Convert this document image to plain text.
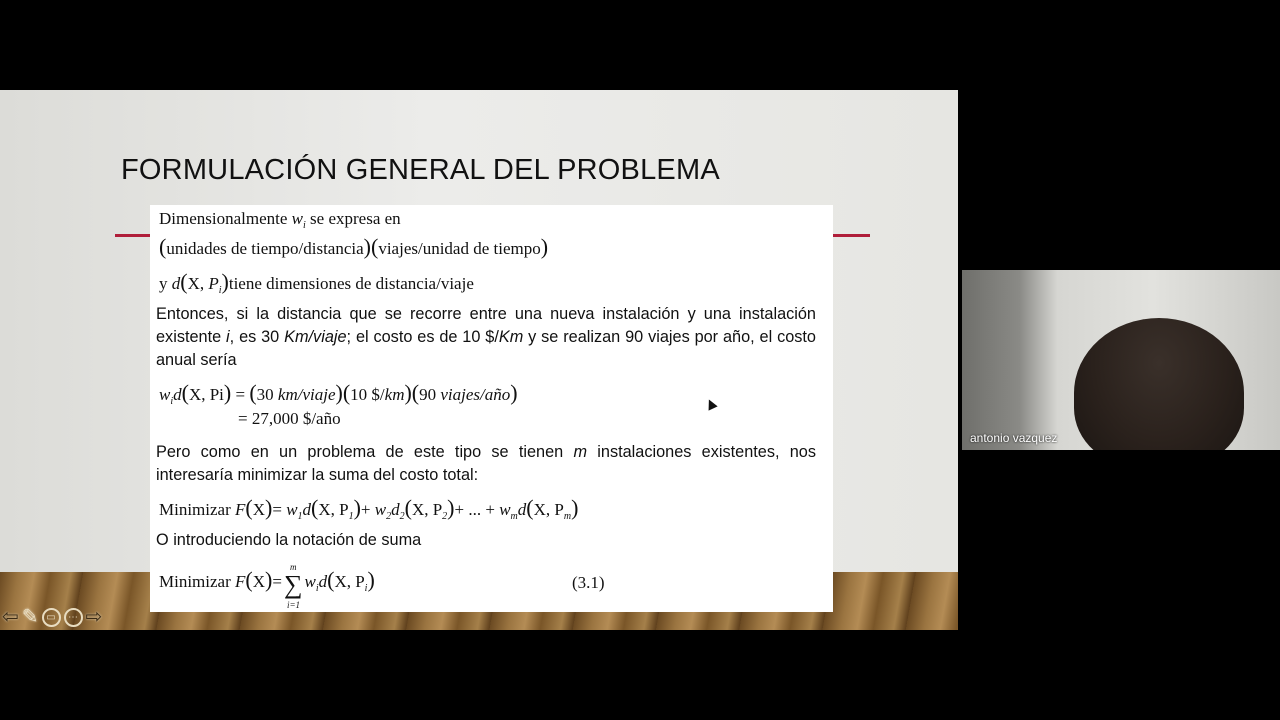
FORMULACIÓN GENERAL DEL PROBLEMA
(3.1)
Dimensionalmente $w_i$ se expresa en
(unidades de tiempo/distancia)(viajes/unidad de tiempo)
y d(X, $P_i)tiene$ dimensiones de distancia/viaje
Entonces, si la distancia que se recorre entre una nueva instalación y una instalación existente i, es 30 Km/viaje; el costo es de 10 $/Km y se realizan 90 viajes por año, el costo anual sería
$w_id(X$, Pi) = (30 km/viaje)(10 $/km)(90 viajes/año)
= 27,000 $/año
Pero como en un problema de este tipo se tienen m instalaciones existentes, nos interesaría minimizar la suma del costo total:
Minimizar $F(X)= w_1d(X$, $P_1)+ w_2d_2(X$, $P_2)+$ ... + $w_md(X$, $P_m$)
O introduciendo la notación de suma
Minimizar F(X)=∑
m
i=1
$w_id(X$, $P_i$)
⇦ ✎ ▭	⋯ ⇨
antonio vazquez
